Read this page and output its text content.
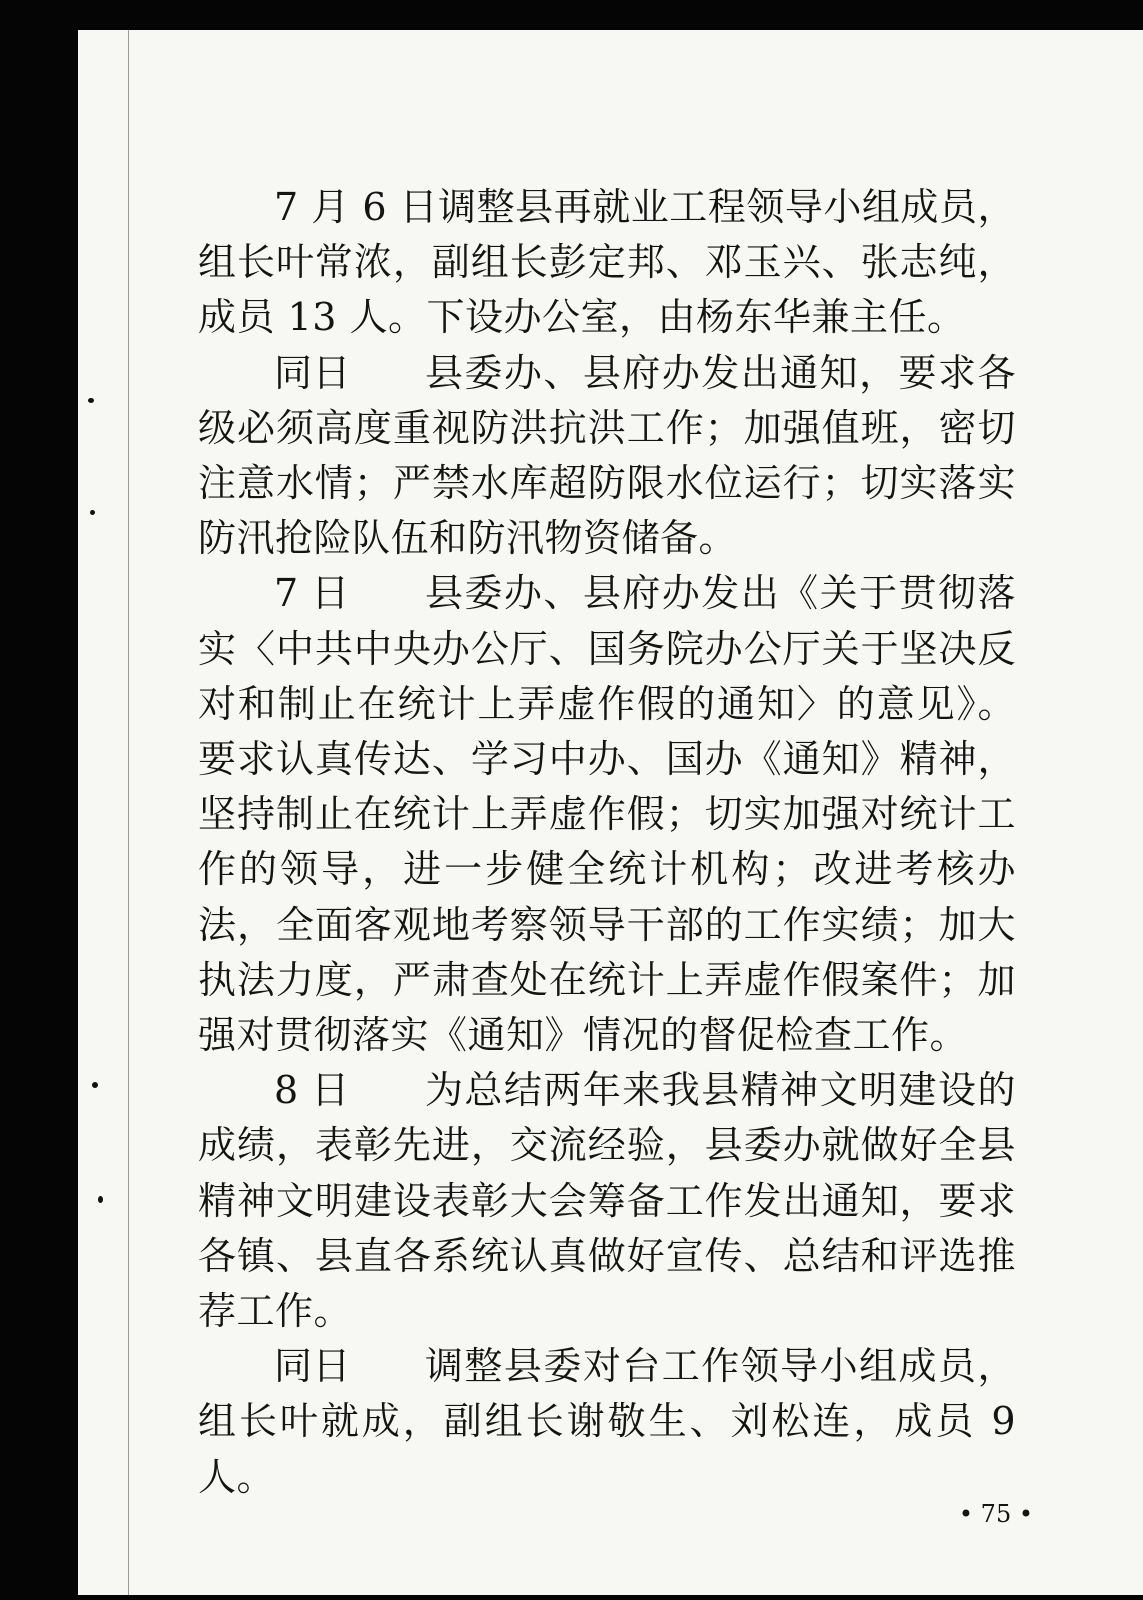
7 月 6 日调整县再就业工程领导小组成员，组长叶常浓，副组长彭定邦、邓玉兴、张志纯，成员 13 人。下设办公室，由杨东华兼主任。

同日 县委办、县府办发出通知，要求各级必须高度重视防洪抗洪工作；加强值班，密切注意水情；严禁水库超防限水位运行；切实落实防汛抢险队伍和防汛物资储备。

7 日 县委办、县府办发出《关于贯彻落实〈中共中央办公厅、国务院办公厅关于坚决反对和制止在统计上弄虚作假的通知〉的意见》。要求认真传达、学习中办、国办《通知》精神，坚持制止在统计上弄虚作假；切实加强对统计工作的领导，进一步健全统计机构；改进考核办法，全面客观地考察领导干部的工作实绩；加大执法力度，严肃查处在统计上弄虚作假案件；加强对贯彻落实《通知》情况的督促检查工作。

8 日 为总结两年来我县精神文明建设的成绩，表彰先进，交流经验，县委办就做好全县精神文明建设表彰大会筹备工作发出通知，要求各镇、县直各系统认真做好宣传、总结和评选推荐工作。

同日 调整县委对台工作领导小组成员，组长叶就成，副组长谢敬生、刘松连，成员 9 人。

• 75 •
